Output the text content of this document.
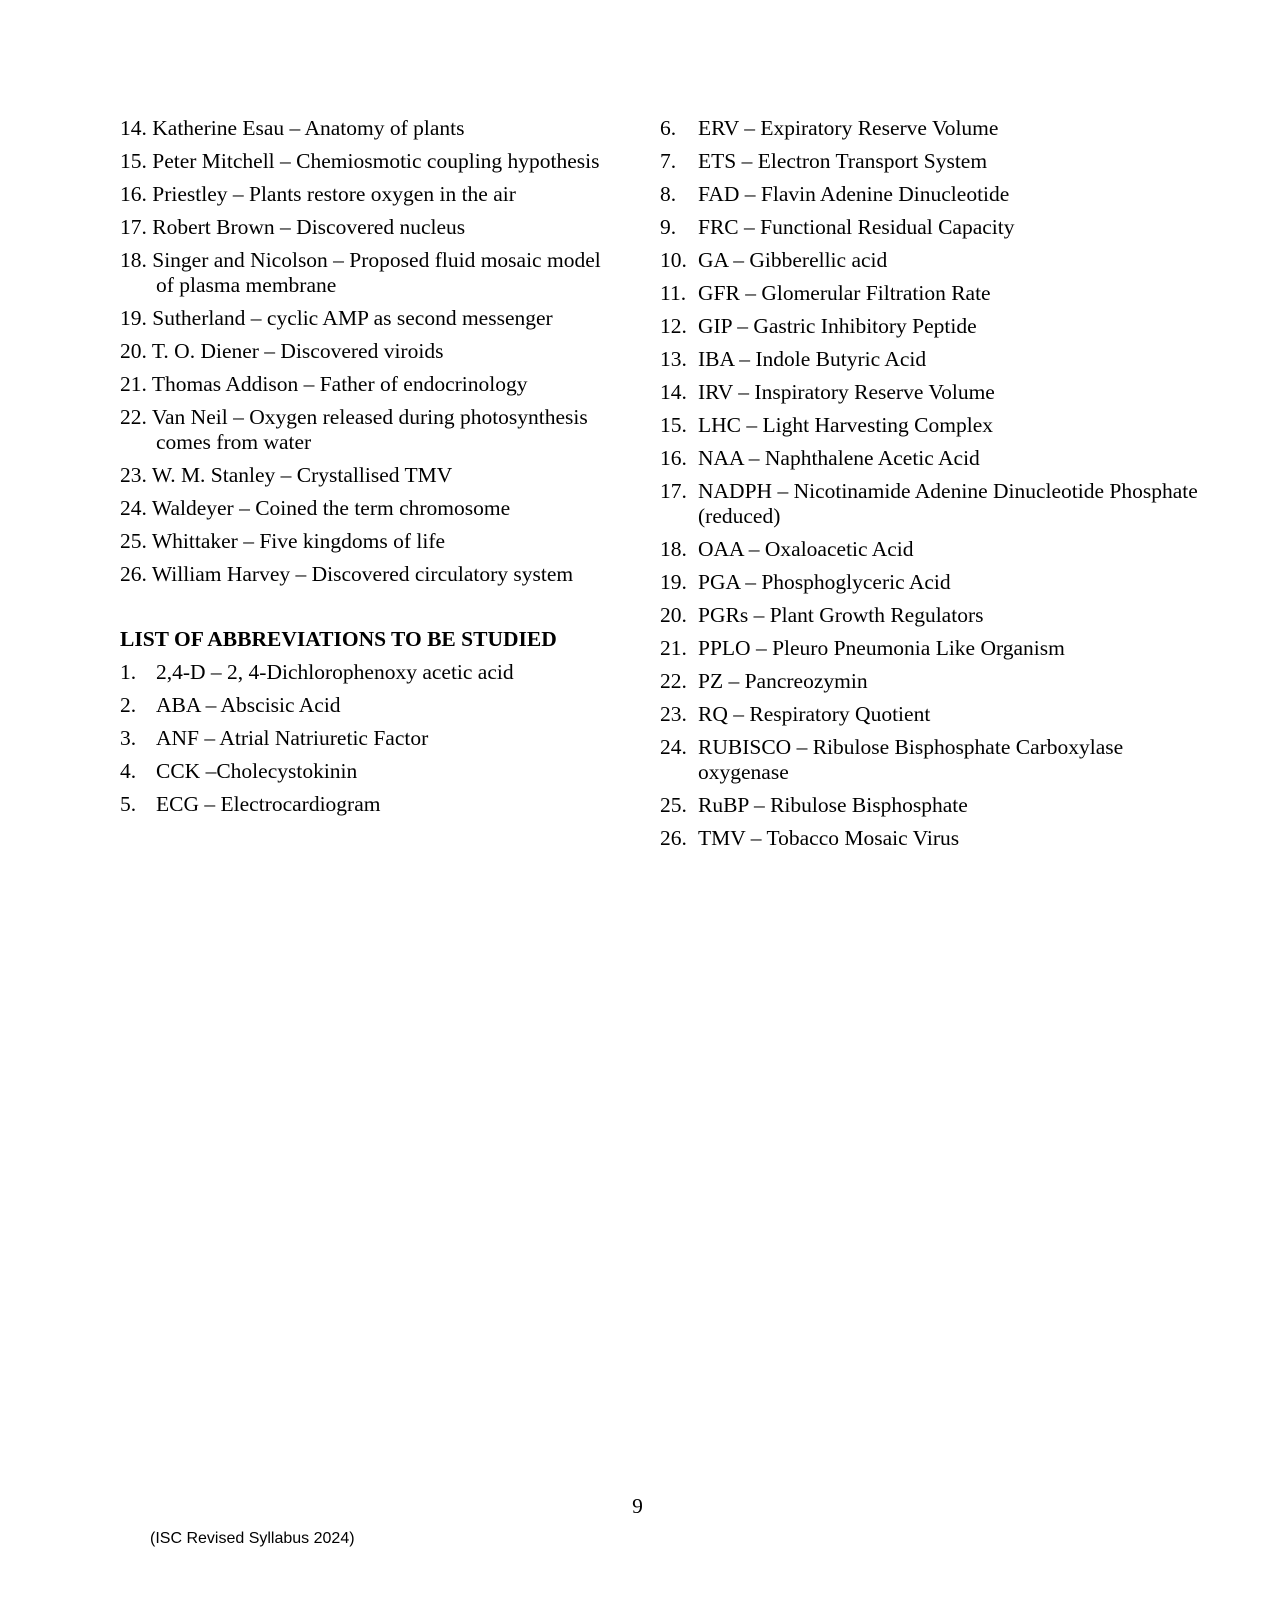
14. Katherine Esau – Anatomy of plants
15. Peter Mitchell – Chemiosmotic coupling hypothesis
16. Priestley – Plants restore oxygen in the air
17. Robert Brown – Discovered nucleus
18. Singer and Nicolson – Proposed fluid mosaic model of plasma membrane
19. Sutherland – cyclic AMP as second messenger
20. T. O. Diener – Discovered viroids
21. Thomas Addison – Father of endocrinology
22. Van Neil – Oxygen released during photosynthesis comes from water
23. W. M. Stanley – Crystallised TMV
24. Waldeyer – Coined the term chromosome
25. Whittaker – Five kingdoms of life
26. William Harvey – Discovered circulatory system
LIST OF ABBREVIATIONS TO BE STUDIED
1. 2,4-D – 2, 4-Dichlorophenoxy acetic acid
2. ABA – Abscisic Acid
3. ANF – Atrial Natriuretic Factor
4. CCK –Cholecystokinin
5. ECG – Electrocardiogram
6.	ERV – Expiratory Reserve Volume
7.	ETS – Electron Transport System
8.	FAD – Flavin Adenine Dinucleotide
9.	FRC – Functional Residual Capacity
10. GA – Gibberellic acid
11. GFR – Glomerular Filtration Rate
12. GIP – Gastric Inhibitory Peptide
13. IBA – Indole Butyric Acid
14. IRV – Inspiratory Reserve Volume
15. LHC – Light Harvesting Complex
16. NAA – Naphthalene Acetic Acid
17. NADPH – Nicotinamide Adenine Dinucleotide Phosphate (reduced)
18. OAA – Oxaloacetic Acid
19. PGA – Phosphoglyceric Acid
20. PGRs – Plant Growth Regulators
21. PPLO – Pleuro Pneumonia Like Organism
22. PZ – Pancreozymin
23. RQ – Respiratory Quotient
24. RUBISCO – Ribulose Bisphosphate Carboxylase oxygenase
25. RuBP – Ribulose Bisphosphate
26. TMV – Tobacco Mosaic Virus
9
(ISC Revised Syllabus 2024)
